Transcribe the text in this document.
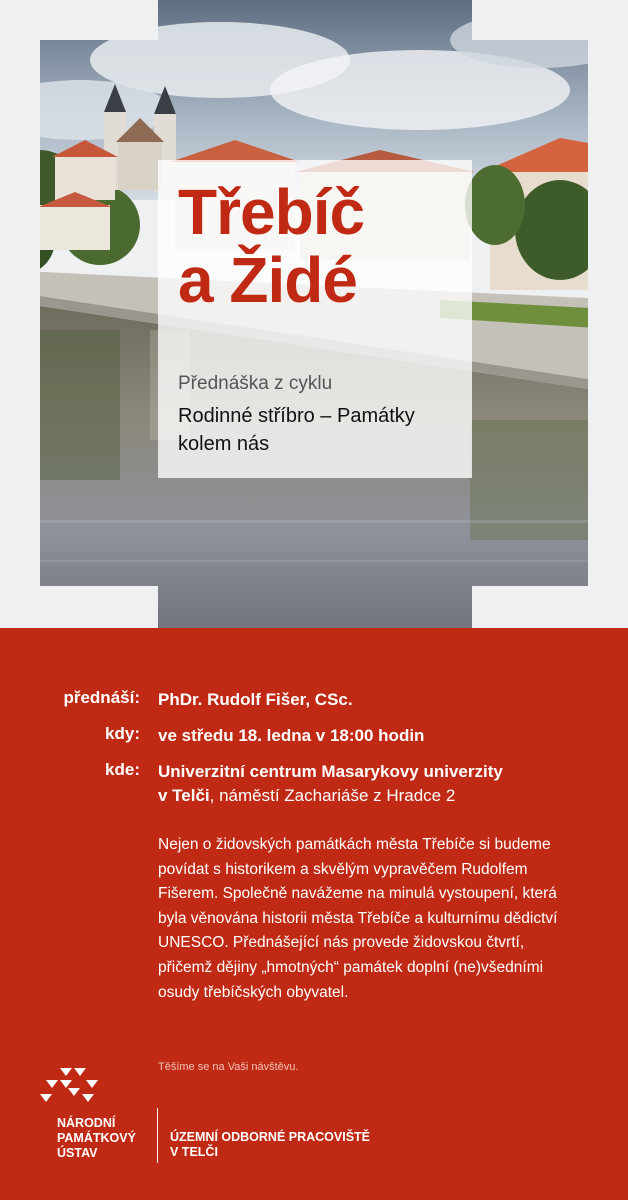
Třebíč
a Židé
Přednáška z cyklu
Rodinné stříbro – Památky kolem nás
přednáší: PhDr. Rudolf Fišer, CSc.
kdy: ve středu 18. ledna v 18:00 hodin
kde: Univerzitní centrum Masarykovy univerzity
v Telči, náměstí Zachariáše z Hradce 2

Nejen o židovských památkách města Třebíče si budeme povídat s historikem a skvělým vypravěčem Rudolfem Fišerem. Společně navážeme na minulá vystoupení, která byla věnována historii města Třebíče a kulturnímu dědictví UNESCO. Přednášející nás provede židovskou čtvrtí, přičemž dějiny „hmotných“ památek doplní (ne)všedními osudy třebíčských obyvatel.

Těšíme se na Vaši návštěvu.
NÁRODNÍ
PAMÁTKOVÝ
ÚSTAV
ÚZEMNÍ ODBORNÉ PRACOVIŠTĚ
V TELČI
